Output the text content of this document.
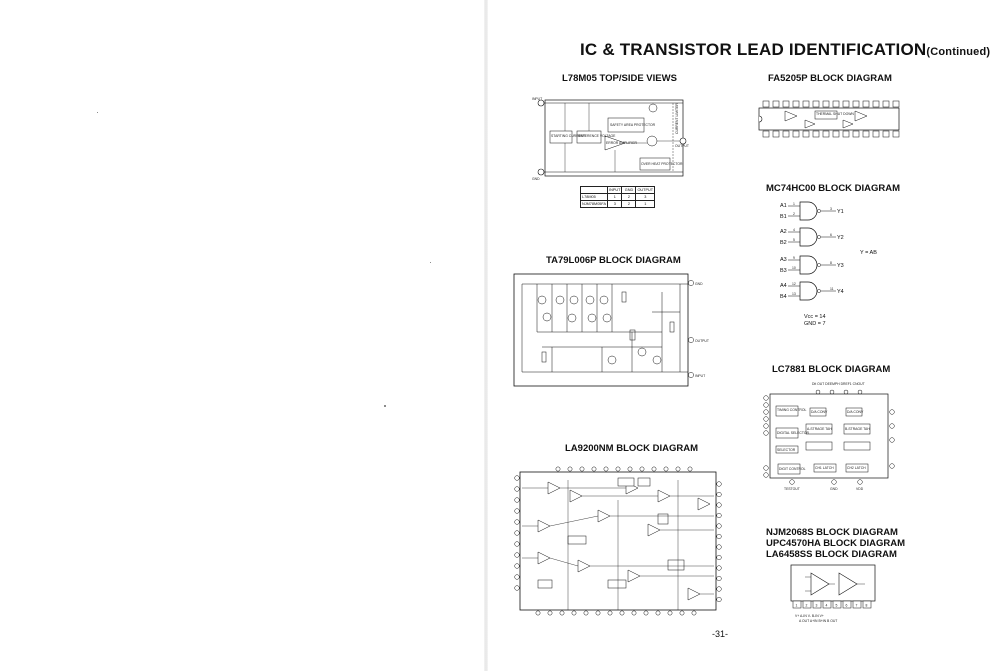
IC & TRANSISTOR LEAD IDENTIFICATION(Continued)
L78M05 TOP/SIDE VIEWS
INPUT
GND
OUTPUT
STARTING CURRENT
REFERENCE VOLTAGE
SAFETY AREA PROTECTOR
ERROR AMPLIFIER
OVER HEAT PROTECTOR
CURRENT LIMITER
	INPUT	GND	OUTPUT
L78M05	1	2	3
NJM78M05FA	3	2	1
FA5205P BLOCK DIAGRAM
THERMAL SHUT DOWN
MC74HC00 BLOCK DIAGRAM
A1
B1
1
2
3 Y1
A2
B2
4
5
6 Y2
Y = AB
A3
B3
9
10
8 Y3
A4
B4
12
13
11 Y4
Vcc = 14
GND = 7
TA79L006P BLOCK DIAGRAM
GND
OUTPUT
INPUT
LC7881 BLOCK DIAGRAM
Dit OUT DEEMPH DREF1 CNOUT
TIMING CONTROL D/A CONV	D/A CONV
A-STRAGE TAH	B-STRAGE TAH
SELECTOR
DIGITAL SELECTOR
CH1 LATCH	CH2 LATCH
DIGIT CONTROL
TESTOUT	GND	VDD
LA9200NM BLOCK DIAGRAM
NJM2068S BLOCK DIAGRAM
UPC4570HA BLOCK DIAGRAM
LA6458SS BLOCK DIAGRAM
1 2 3 4 5 6 7 8
V+ A-IN V- B-IN V+
A OUT A+IN B+IN B OUT
-31-
